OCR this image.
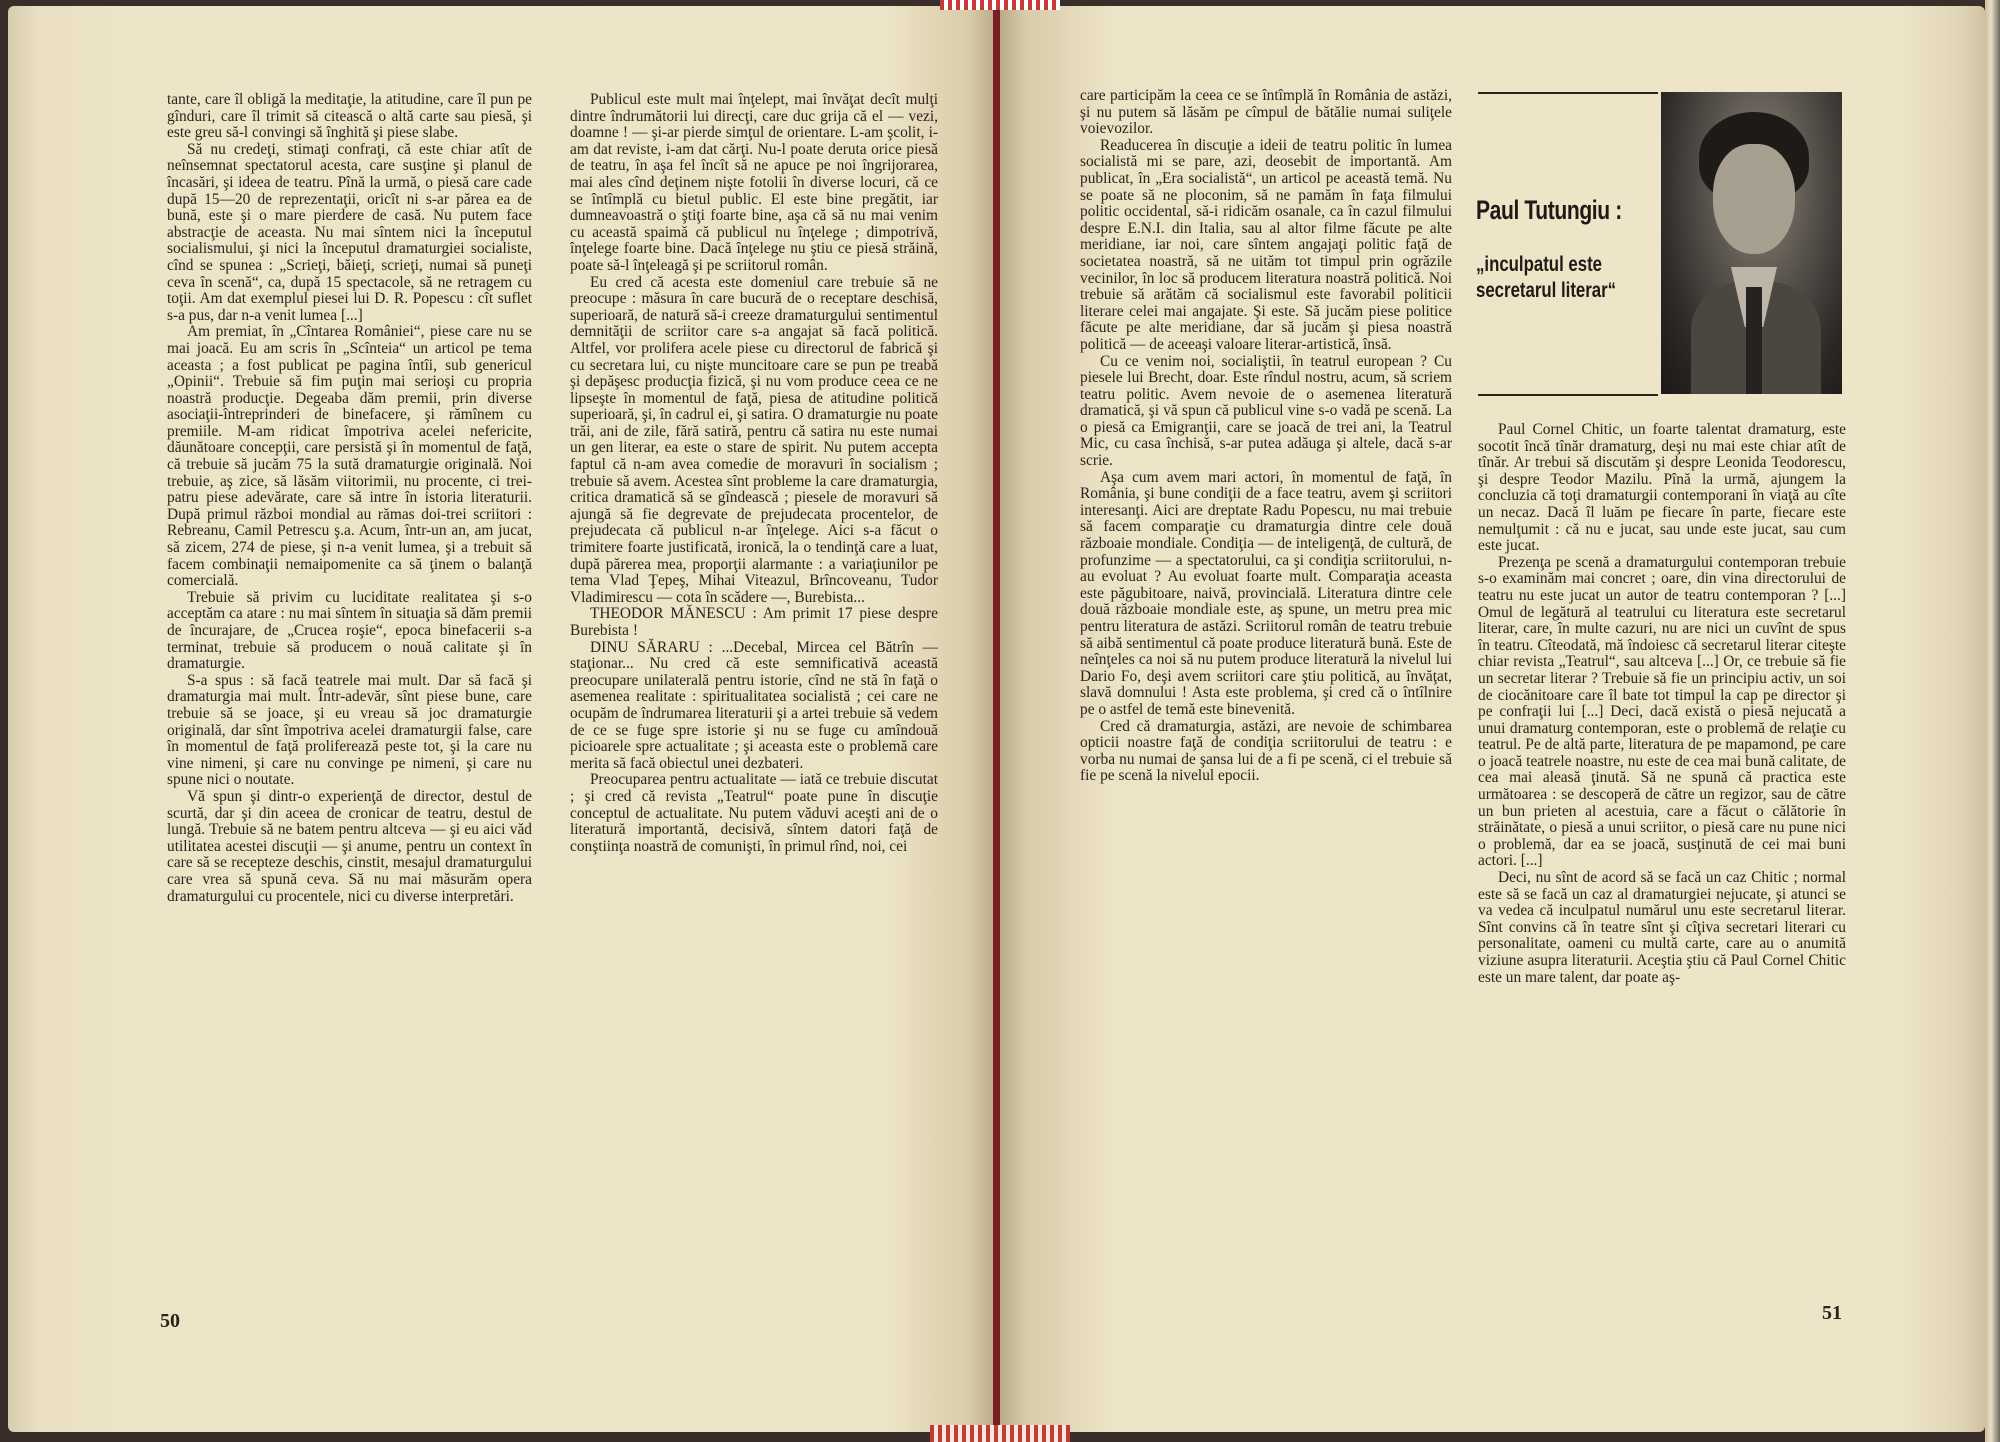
tante, care îl obligă la meditaţie, la atitudine, care îl pun pe gînduri, care îl trimit să citească o altă carte sau piesă, şi este greu să-l convingi să înghită şi piese slabe.

Să nu credeţi, stimaţi confraţi, că este chiar atît de neînsemnat spectatorul acesta, care susţine şi planul de încasări, şi ideea de teatru. Pînă la urmă, o piesă care cade după 15—20 de reprezentaţii, oricît ni s-ar părea ea de bună, este şi o mare pierdere de casă. Nu putem face abstracţie de aceasta. Nu mai sîntem nici la începutul socialismului, şi nici la începutul dramaturgiei socialiste, cînd se spunea : „Scrieţi, băieţi, scrieţi, numai să puneţi ceva în scenă“, ca, după 15 spectacole, să ne retragem cu toţii. Am dat exemplul piesei lui D. R. Popescu : cît suflet s-a pus, dar n-a venit lumea [...]

Am premiat, în „Cîntarea României“, piese care nu se mai joacă. Eu am scris în „Scînteia“ un articol pe tema aceasta ; a fost publicat pe pagina întîi, sub genericul „Opinii“. Trebuie să fim puţin mai serioşi cu propria noastră producţie. Degeaba dăm premii, prin diverse asociaţii-întreprinderi de binefacere, şi rămînem cu premiile. M-am ridicat împotriva acelei nefericite, dăunătoare concepţii, care persistă şi în momentul de faţă, că trebuie să jucăm 75 la sută dramaturgie originală. Noi trebuie, aş zice, să lăsăm viitorimii, nu procente, ci trei-patru piese adevărate, care să intre în istoria literaturii. După primul război mondial au rămas doi-trei scriitori : Rebreanu, Camil Petrescu ş.a. Acum, într-un an, am jucat, să zicem, 274 de piese, şi n-a venit lumea, şi a trebuit să facem combinaţii nemaipomenite ca să ţinem o balanţă comercială.

Trebuie să privim cu luciditate realitatea şi s-o acceptăm ca atare : nu mai sîntem în situaţia să dăm premii de încurajare, de „Crucea roşie“, epoca binefacerii s-a terminat, trebuie să producem o nouă calitate şi în dramaturgie.

S-a spus : să facă teatrele mai mult. Dar să facă şi dramaturgia mai mult. Într-adevăr, sînt piese bune, care trebuie să se joace, şi eu vreau să joc dramaturgie originală, dar sînt împotriva acelei dramaturgii false, care în momentul de faţă proliferează peste tot, şi la care nu vine nimeni, şi care nu convinge pe nimeni, şi care nu spune nici o noutate.

Vă spun şi dintr-o experienţă de director, destul de scurtă, dar şi din aceea de cronicar de teatru, destul de lungă. Trebuie să ne batem pentru altceva — şi eu aici văd utilitatea acestei discuţii — şi anume, pentru un context în care să se recepteze deschis, cinstit, mesajul dramaturgului care vrea să spună ceva. Să nu mai măsurăm opera dramaturgului cu procentele, nici cu diverse interpretări.

Publicul este mult mai înţelept, mai învăţat decît mulţi dintre îndrumătorii lui direcţi, care duc grija că el — vezi, doamne ! — şi-ar pierde simţul de orientare. L-am şcolit, i-am dat reviste, i-am dat cărţi. Nu-l poate deruta orice piesă de teatru, în aşa fel încît să ne apuce pe noi îngrijorarea, mai ales cînd deţinem nişte fotolii în diverse locuri, că ce se întîmplă cu bietul public. El este bine pregătit, iar dumneavoastră o ştiţi foarte bine, aşa că să nu mai venim cu această spaimă că publicul nu înţelege ; dimpotrivă, înţelege foarte bine. Dacă înţelege nu ştiu ce piesă străină, poate să-l înţeleagă şi pe scriitorul român.

Eu cred că acesta este domeniul care trebuie să ne preocupe : măsura în care bucură de o receptare deschisă, superioară, de natură să-i creeze dramaturgului sentimentul demnităţii de scriitor care s-a angajat să facă politică. Altfel, vor prolifera acele piese cu directorul de fabrică şi cu secretara lui, cu nişte muncitoare care se pun pe treabă şi depăşesc producţia fizică, şi nu vom produce ceea ce ne lipseşte în momentul de faţă, piesa de atitudine politică superioară, şi, în cadrul ei, şi satira. O dramaturgie nu poate trăi, ani de zile, fără satiră, pentru că satira nu este numai un gen literar, ea este o stare de spirit. Nu putem accepta faptul că n-am avea comedie de moravuri în socialism ; trebuie să avem. Acestea sînt probleme la care dramaturgia, critica dramatică să se gîndească ; piesele de moravuri să ajungă să fie degrevate de prejudecata procentelor, de prejudecata că publicul n-ar înţelege. Aici s-a făcut o trimitere foarte justificată, ironică, la o tendinţă care a luat, după părerea mea, proporţii alarmante : a variaţiunilor pe tema Vlad Ţepeş, Mihai Viteazul, Brîncoveanu, Tudor Vladimirescu — cota în scădere —, Burebista...

THEODOR MĂNESCU : Am primit 17 piese despre Burebista !

DINU SĂRARU : ...Decebal, Mircea cel Bătrîn — staţionar... Nu cred că este semnificativă această preocupare unilaterală pentru istorie, cînd ne stă în faţă o asemenea realitate : spiritualitatea socialistă ; cei care ne ocupăm de îndrumarea literaturii şi a artei trebuie să vedem de ce se fuge spre istorie şi nu se fuge cu amîndouă picioarele spre actualitate ; şi aceasta este o problemă care merita să facă obiectul unei dezbateri.

Preocuparea pentru actualitate — iată ce trebuie discutat ; şi cred că revista „Teatrul“ poate pune în discuţie conceptul de actualitate. Nu putem văduvi aceşti ani de o literatură importantă, decisivă, sîntem datori faţă de conştiinţa noastră de comunişti, în primul rînd, noi, cei

50

care participăm la ceea ce se întîmplă în România de astăzi, şi nu putem să lăsăm pe cîmpul de bătălie numai suliţele voievozilor.

Readucerea în discuţie a ideii de teatru politic în lumea socialistă mi se pare, azi, deosebit de importantă. Am publicat, în „Era socialistă“, un articol pe această temă. Nu se poate să ne ploconim, să ne pamăm în faţa filmului politic occidental, să-i ridicăm osanale, ca în cazul filmului despre E.N.I. din Italia, sau al altor filme făcute pe alte meridiane, iar noi, care sîntem angajaţi politic faţă de societatea noastră, să ne uităm tot timpul prin ogrăzile vecinilor, în loc să producem literatura noastră politică. Noi trebuie să arătăm că socialismul este favorabil politicii literare celei mai angajate. Şi este. Să jucăm piese politice făcute pe alte meridiane, dar să jucăm şi piesa noastră politică — de aceeaşi valoare literar-artistică, însă.

Cu ce venim noi, socialiştii, în teatrul european ? Cu piesele lui Brecht, doar. Este rîndul nostru, acum, să scriem teatru politic. Avem nevoie de o asemenea literatură dramatică, şi vă spun că publicul vine s-o vadă pe scenă. La o piesă ca Emigranţii, care se joacă de trei ani, la Teatrul Mic, cu casa închisă, s-ar putea adăuga şi altele, dacă s-ar scrie.

Aşa cum avem mari actori, în momentul de faţă, în România, şi bune condiţii de a face teatru, avem şi scriitori interesanţi. Aici are dreptate Radu Popescu, nu mai trebuie să facem comparaţie cu dramaturgia dintre cele două războaie mondiale. Condiţia — de inteligenţă, de cultură, de profunzime — a spectatorului, ca şi condiţia scriitorului, n-au evoluat ? Au evoluat foarte mult. Comparaţia aceasta este păgubitoare, naivă, provincială. Literatura dintre cele două războaie mondiale este, aş spune, un metru prea mic pentru literatura de astăzi. Scriitorul român de teatru trebuie să aibă sentimentul că poate produce literatură bună. Este de neînţeles ca noi să nu putem produce literatură la nivelul lui Dario Fo, deşi avem scriitori care ştiu politică, au învăţat, slavă domnului ! Asta este problema, şi cred că o întîlnire pe o astfel de temă este binevenită.

Cred că dramaturgia, astăzi, are nevoie de schimbarea opticii noastre faţă de condiţia scriitorului de teatru : e vorba nu numai de şansa lui de a fi pe scenă, ci el trebuie să fie pe scenă la nivelul epocii.

Paul Tutungiu :
„inculpatul este secretarul literar“

Paul Cornel Chitic, un foarte talentat dramaturg, este socotit încă tînăr dramaturg, deşi nu mai este chiar atît de tînăr. Ar trebui să discutăm şi despre Leonida Teodorescu, şi despre Teodor Mazilu. Pînă la urmă, ajungem la concluzia că toţi dramaturgii contemporani în viaţă au cîte un necaz. Dacă îl luăm pe fiecare în parte, fiecare este nemulţumit : că nu e jucat, sau unde este jucat, sau cum este jucat.

Prezenţa pe scenă a dramaturgului contemporan trebuie s-o examinăm mai concret ; oare, din vina directorului de teatru nu este jucat un autor de teatru contemporan ? [...] Omul de legătură al teatrului cu literatura este secretarul literar, care, în multe cazuri, nu are nici un cuvînt de spus în teatru. Cîteodată, mă îndoiesc că secretarul literar citeşte chiar revista „Teatrul“, sau altceva [...] Or, ce trebuie să fie un secretar literar ? Trebuie să fie un principiu activ, un soi de ciocănitoare care îl bate tot timpul la cap pe director şi pe confraţii lui [...] Deci, dacă există o piesă nejucată a unui dramaturg contemporan, este o problemă de relaţie cu teatrul. Pe de altă parte, literatura de pe mapamond, pe care o joacă teatrele noastre, nu este de cea mai bună calitate, de cea mai aleasă ţinută. Să ne spună că practica este următoarea : se descoperă de către un regizor, sau de către un bun prieten al acestuia, care a făcut o călătorie în străinătate, o piesă a unui scriitor, o piesă care nu pune nici o problemă, dar ea se joacă, susţinută de cei mai buni actori. [...]

Deci, nu sînt de acord să se facă un caz Chitic ; normal este să se facă un caz al dramaturgiei nejucate, şi atunci se va vedea că inculpatul numărul unu este secretarul literar. Sînt convins că în teatre sînt şi cîţiva secretari literari cu personalitate, oameni cu multă carte, care au o anumită viziune asupra literaturii. Aceştia ştiu că Paul Cornel Chitic este un mare talent, dar poate aş-

51
